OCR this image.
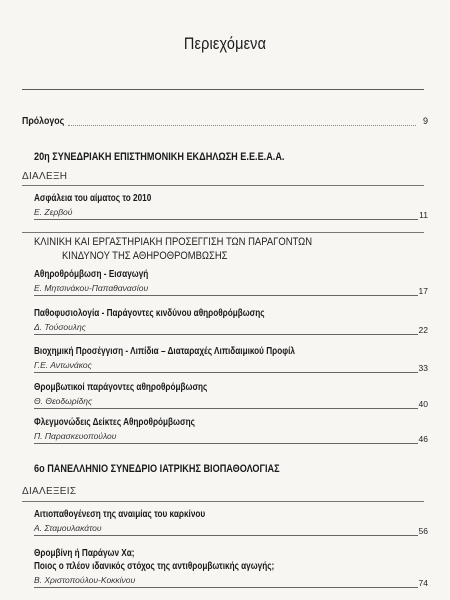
Περιεχόμενα
Πρόλογος	9
20η ΣΥΝΕΔΡΙΑΚΗ ΕΠΙΣΤΗΜΟΝΙΚΗ ΕΚΔΗΛΩΣΗ Ε.Ε.Ε.Α.Α.
ΔΙΑΛΕΞΗ
Ασφάλεια του αίματος το 2010
Ε. Ζερβού	11
ΚΛΙΝΙΚΗ ΚΑΙ ΕΡΓΑΣΤΗΡΙΑΚΗ ΠΡΟΣΕΓΓΙΣΗ ΤΩΝ ΠΑΡΑΓΟΝΤΩΝ
ΚΙΝΔΥΝΟΥ ΤΗΣ ΑΘΗΡΟΘΡΟΜΒΩΣΗΣ
Αθηροθρόμβωση - Εισαγωγή
Ε. Μητσινάκου-Παπαθανασίου	17
Παθοφυσιολογία - Παράγοντες κινδύνου αθηροθρόμβωσης
Δ. Τούσουλης	22
Βιοχημική Προσέγγιση - Λιπίδια – Διαταραχές Λιπιδαιμικού Προφίλ
Γ.Ε. Αντωνάκος	33
Θρομβωτικοί παράγοντες αθηροθρόμβωσης
Θ. Θεοδωρίδης	40
Φλεγμονώδεις Δείκτες Αθηροθρόμβωσης
Π. Παρασκευοπούλου	46
6ο ΠΑΝΕΛΛΗΝΙΟ ΣΥΝΕΔΡΙΟ ΙΑΤΡΙΚΗΣ ΒΙΟΠΑΘΟΛΟΓΙΑΣ
ΔΙΑΛΕΞΕΙΣ
Αιτιοπαθογένεση της αναιμίας του καρκίνου
Α. Σταμουλακάτου	56
Θρομβίνη ή Παράγων Χα;
Ποιος ο πλέον ιδανικός στόχος της αντιθρομβωτικής αγωγής;
Β. Χριστοπούλου-Κοκκίνου	74
